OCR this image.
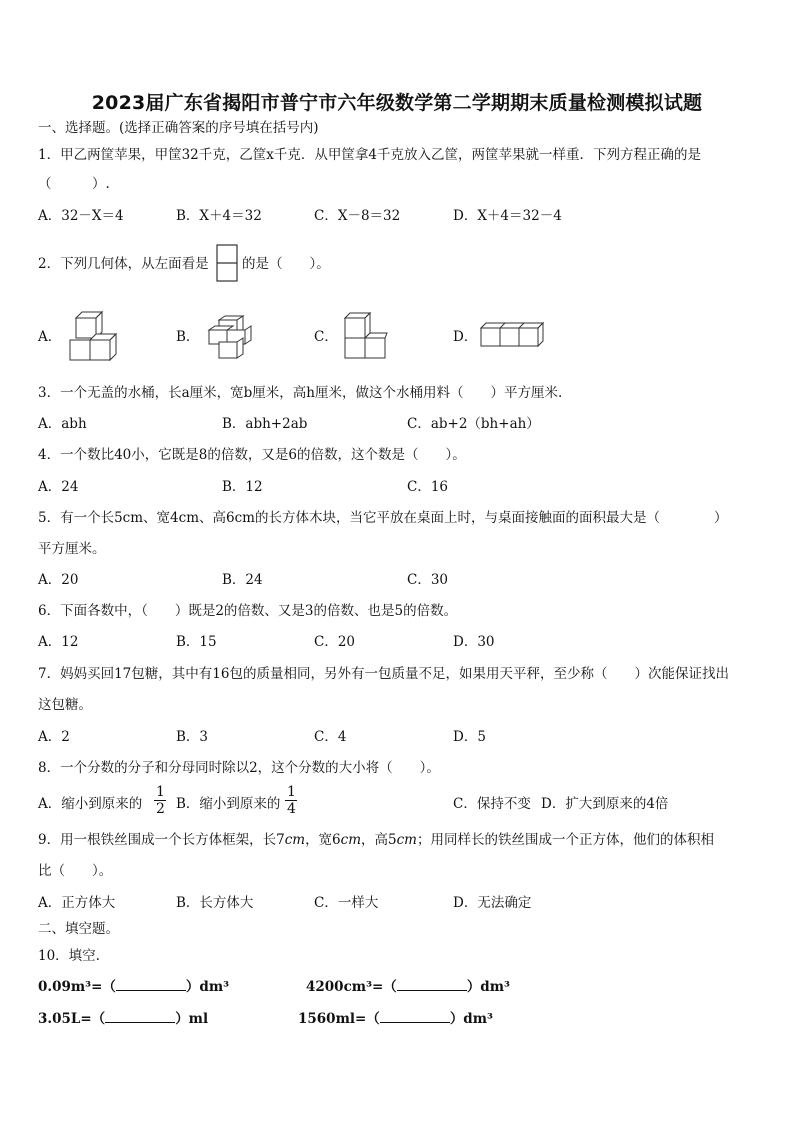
2023届广东省揭阳市普宁市六年级数学第二学期期末质量检测模拟试题
一、选择题。(选择正确答案的序号填在括号内)
1．甲乙两筐苹果，甲筐32千克，乙筐x千克．从甲筐拿4千克放入乙筐，两筐苹果就一样重．下列方程正确的是
（　　　）.
A．32－X＝4	B．X＋4＝32	C．X－8＝32	D．X＋4＝32－4
2．下列几何体，从左面看是 的是（　　）。
A．	B．	C．	D．
3．一个无盖的水桶，长a厘米，宽b厘米，高h厘米，做这个水桶用料（　　）平方厘米.
A．abh	B．abh+2ab	C．ab+2（bh+ah）
4．一个数比40小，它既是8的倍数，又是6的倍数，这个数是（　　）。
A．24	B．12	C．16
5．有一个长5cm、宽4cm、高6cm的长方体木块，当它平放在桌面上时，与桌面接触面的面积最大是（　　　　）
平方厘米。
A．20	B．24	C．30
6．下面各数中，（　　）既是2的倍数、又是3的倍数、也是5的倍数。
A．12	B．15	C．20	D．30
7．妈妈买回17包糖，其中有16包的质量相同，另外有一包质量不足，如果用天平秤，至少称（　　）次能保证找出
这包糖。
A．2	B．3	C．4	D．5
8．一个分数的分子和分母同时除以2，这个分数的大小将（　　）。
A．缩小到原来的 $\frac{1}{2}$ B．缩小到原来的 $\frac{1}{4}$	C．保持不变 D．扩大到原来的4倍
9．用一根铁丝围成一个长方体框架，长7cm，宽6cm，高5cm；用同样长的铁丝围成一个正方体，他们的体积相
比（　　）。
A．正方体大	B．长方体大	C．一样大	D．无法确定
二、填空题。
10．填空.
0.09m³=（	）dm³	4200cm³=（	）dm³
3.05L=（	）ml	1560ml=（	）dm³
